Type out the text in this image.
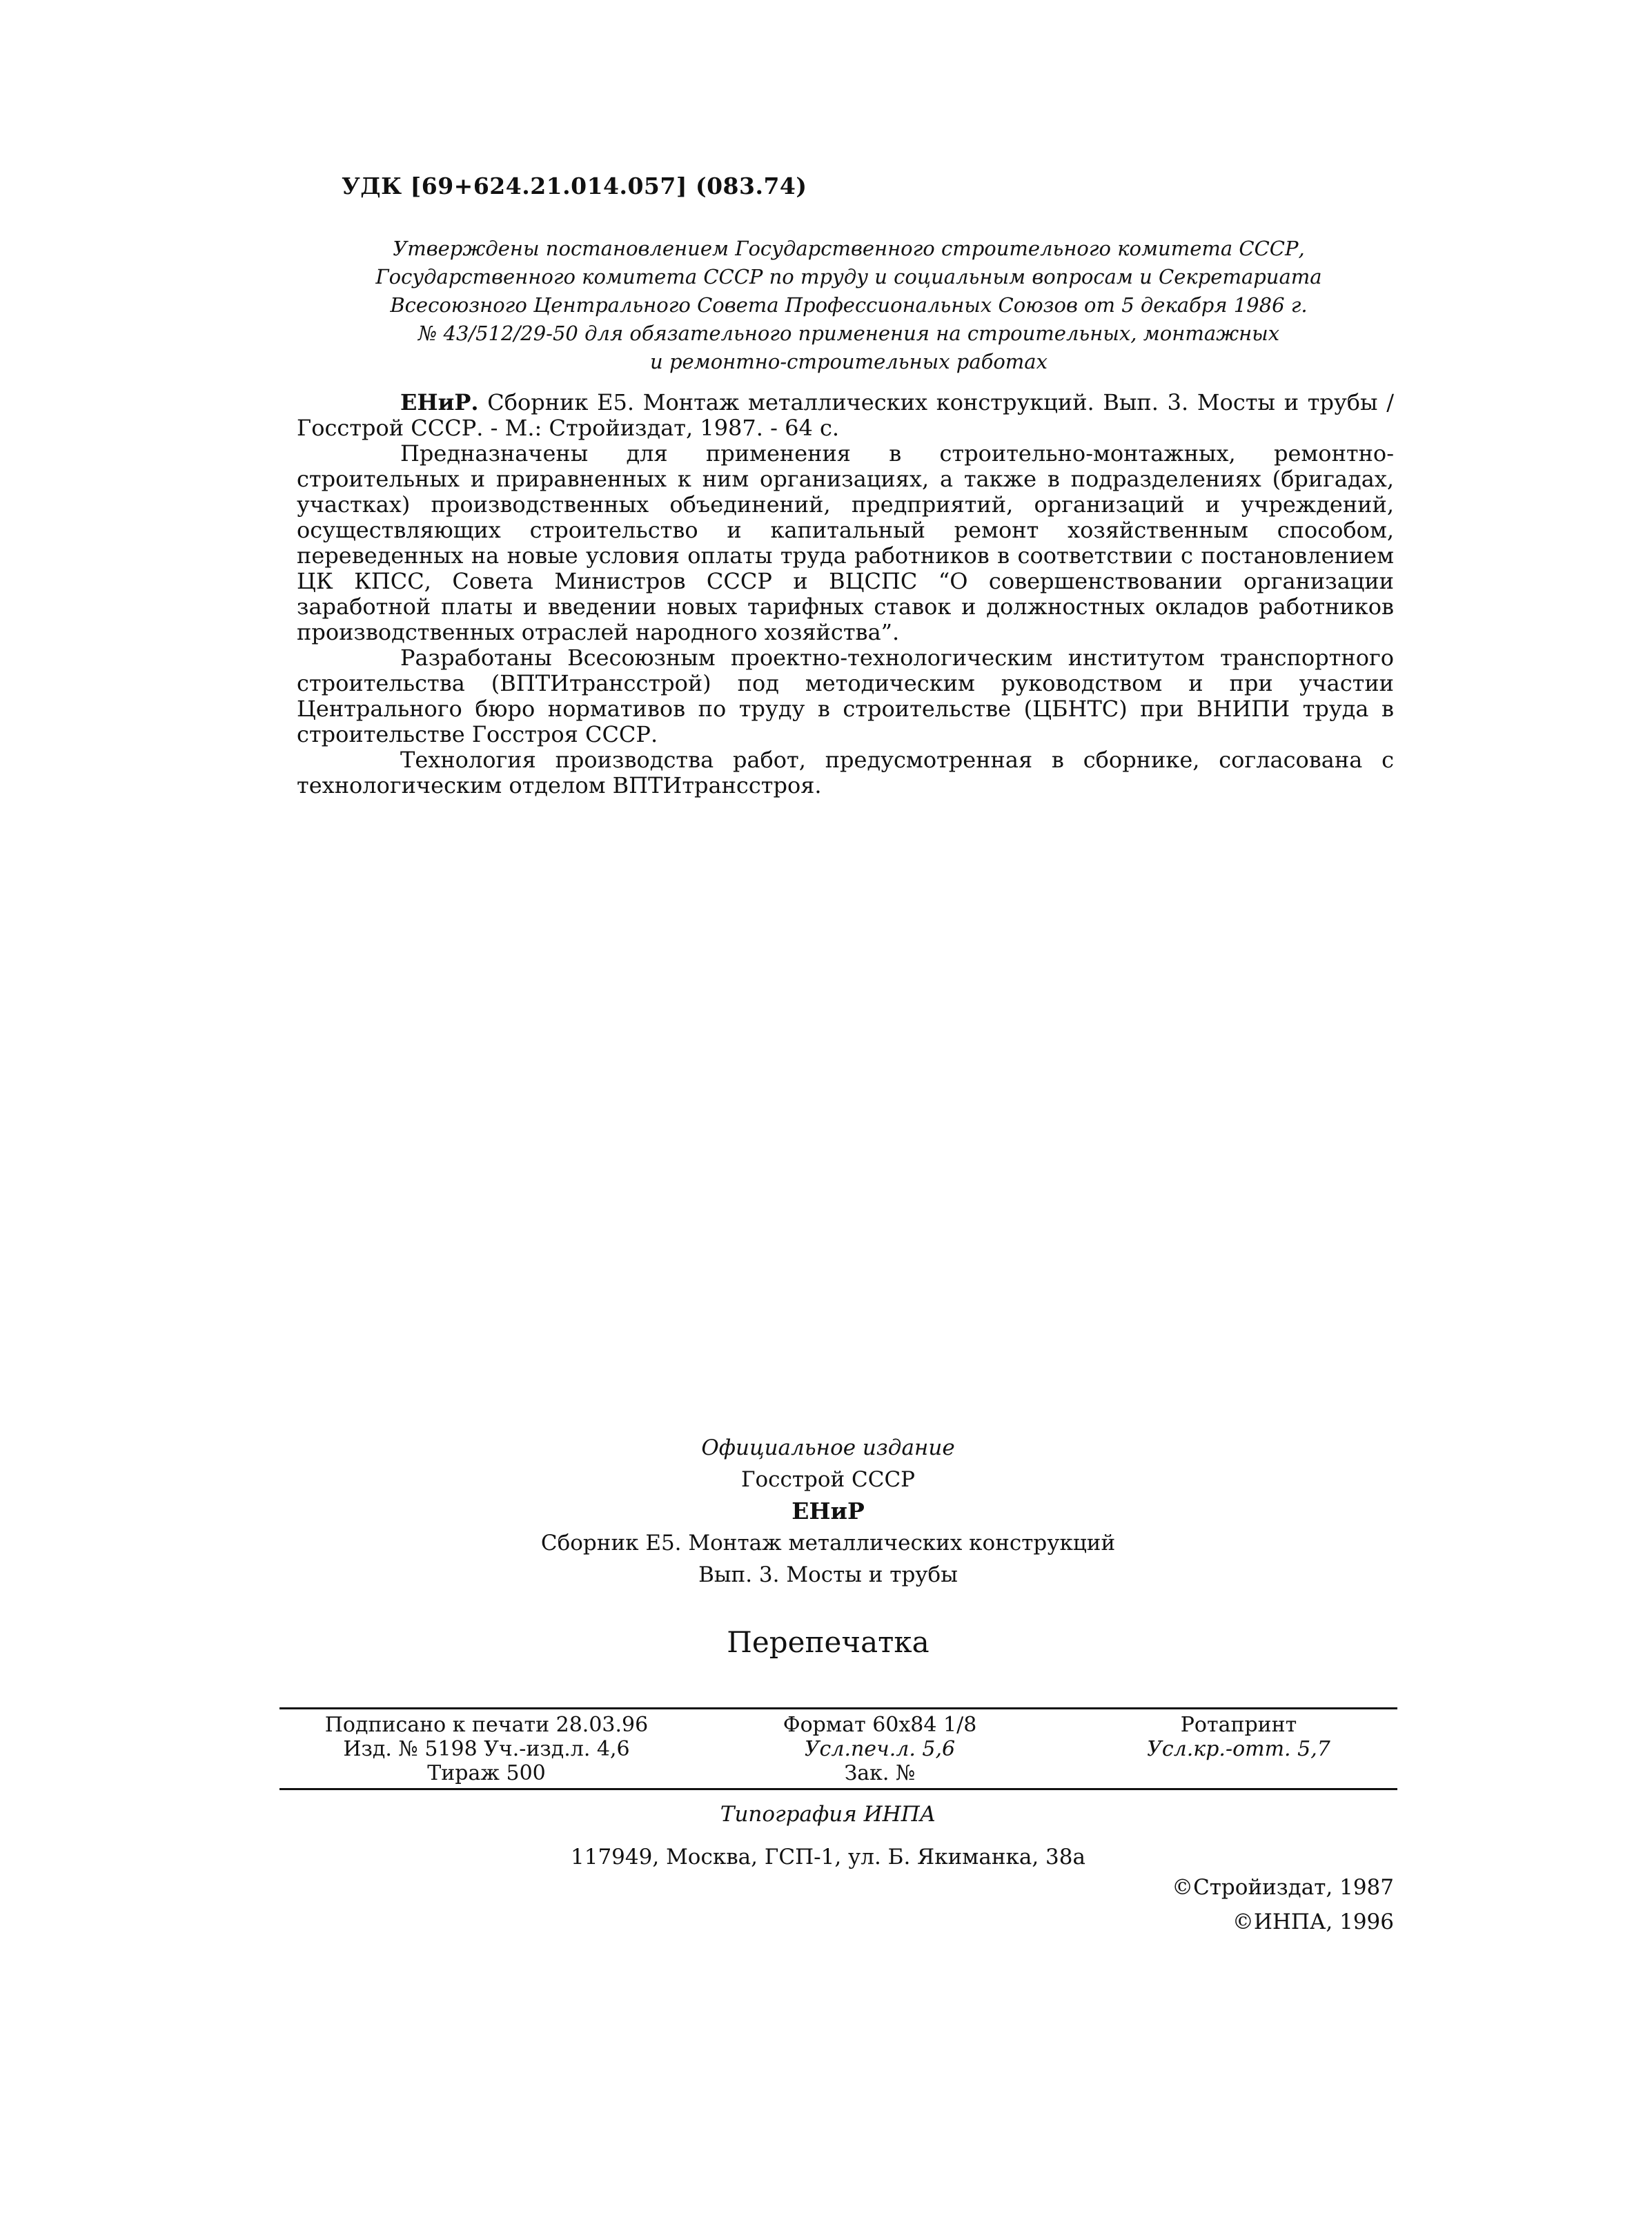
УДК [69+624.21.014.057] (083.74)
Утверждены постановлением Государственного строительного комитета СССР,
Государственного комитета СССР по труду и социальным вопросам и Секретариата
Всесоюзного Центрального Совета Профессиональных Союзов от 5 декабря 1986 г.
№ 43/512/29-50 для обязательного применения на строительных, монтажных
и ремонтно-строительных работах

ЕНиР. Сборник Е5. Монтаж металлических конструкций. Вып. 3. Мосты и трубы /Госстрой СССР. - М.: Стройиздат, 1987. - 64 с.

Предназначены для применения в строительно-монтажных, ремонтно-строительных и приравненных к ним организациях, а также в подразделениях (бригадах, участках) производственных объединений, предприятий, организаций и учреждений, осуществляющих строительство и капитальный ремонт хозяйственным способом, переведенных на новые условия оплаты труда работников в соответствии с постановлением ЦК КПСС, Совета Министров СССР и ВЦСПС “О совершенствовании организации заработной платы и введении новых тарифных ставок и должностных окладов работников производственных отраслей народного хозяйства”.

Разработаны Всесоюзным проектно-технологическим институтом транспортного строительства (ВПТИтрансстрой) под методическим руководством и при участии Центрального бюро нормативов по труду в строительстве (ЦБНТС) при ВНИПИ труда в строительстве Госстроя СССР.

Технология производства работ, предусмотренная в сборнике, согласована с технологическим отделом ВПТИтрансстроя.

Официальное издание
Госстрой СССР
ЕНиР
Сборник Е5. Монтаж металлических конструкций
Вып. 3. Мосты и трубы
Перепечатка
Подписано к печати 28.03.96
Изд. № 5198 Уч.-изд.л. 4,6
Тираж 500
Формат 60x84 1/8
Усл.печ.л. 5,6
Зак. №
Ротапринт
Усл.кр.-отт. 5,7
Типография ИНПА
117949, Москва, ГСП-1, ул. Б. Якиманка, 38а
©Стройиздат, 1987
©ИНПА, 1996
